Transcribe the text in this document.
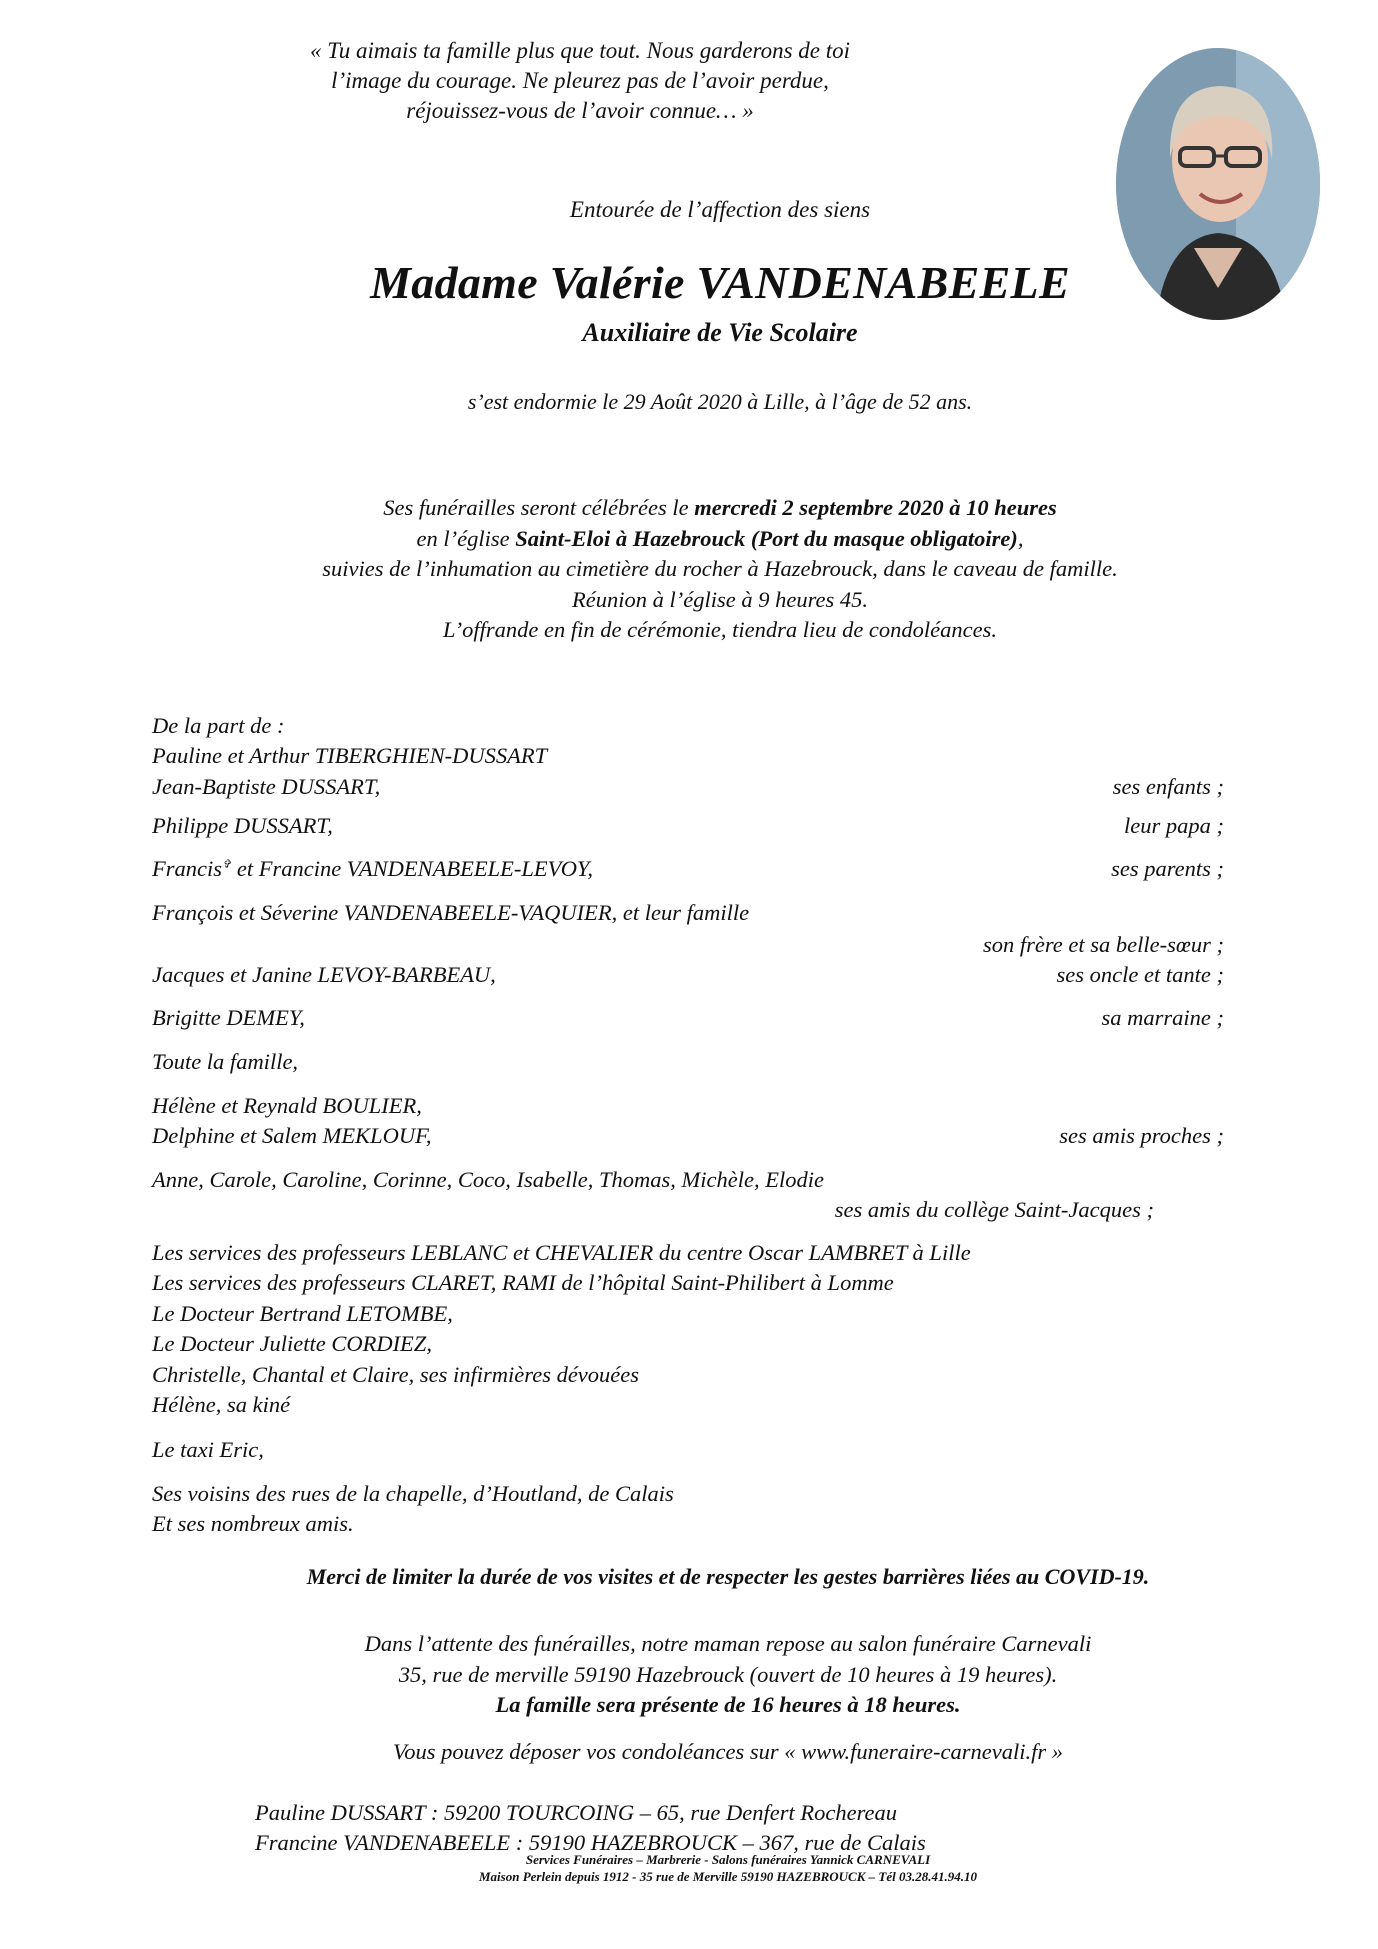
« Tu aimais ta famille plus que tout. Nous garderons de toi
l’image du courage. Ne pleurez pas de l’avoir perdue,
réjouissez-vous de l’avoir connue… »
Entourée de l’affection des siens
Madame Valérie VANDENABEELE
Auxiliaire de Vie Scolaire
s’est endormie le 29 Août 2020 à Lille, à l’âge de 52 ans.
Ses funérailles seront célébrées le mercredi 2 septembre 2020 à 10 heures
en l’église Saint-Eloi à Hazebrouck (Port du masque obligatoire),
suivies de l’inhumation au cimetière du rocher à Hazebrouck, dans le caveau de famille.
Réunion à l’église à 9 heures 45.
L’offrande en fin de cérémonie, tiendra lieu de condoléances.
De la part de :
Pauline et Arthur TIBERGHIEN-DUSSART
Jean-Baptiste DUSSART,	ses enfants ;
Philippe DUSSART,	leur papa ;
Francis✞ et Francine VANDENABEELE-LEVOY,	ses parents ;
François et Séverine VANDENABEELE-VAQUIER, et leur famille
son frère et sa belle-sœur ;
Jacques et Janine LEVOY-BARBEAU,	ses oncle et tante ;
Brigitte DEMEY,	sa marraine ;
Toute la famille,
Hélène et Reynald BOULIER,
Delphine et Salem MEKLOUF,	ses amis proches ;
Anne, Carole, Caroline, Corinne, Coco, Isabelle, Thomas, Michèle, Elodie
ses amis du collège Saint-Jacques ;
Les services des professeurs LEBLANC et CHEVALIER du centre Oscar LAMBRET à Lille
Les services des professeurs CLARET, RAMI de l’hôpital Saint-Philibert à Lomme
Le Docteur Bertrand LETOMBE,
Le Docteur Juliette CORDIEZ,
Christelle, Chantal et Claire, ses infirmières dévouées
Hélène, sa kiné
Le taxi Eric,
Ses voisins des rues de la chapelle, d’Houtland, de Calais
Et ses nombreux amis.
Merci de limiter la durée de vos visites et de respecter les gestes barrières liées au COVID-19.
Dans l’attente des funérailles, notre maman repose au salon funéraire Carnevali
35, rue de merville 59190 Hazebrouck (ouvert de 10 heures à 19 heures).
La famille sera présente de 16 heures à 18 heures.
Vous pouvez déposer vos condoléances sur « www.funeraire-carnevali.fr »
Pauline DUSSART : 59200 TOURCOING – 65, rue Denfert Rochereau
Francine VANDENABEELE : 59190 HAZEBROUCK – 367, rue de Calais
Services Funéraires – Marbrerie - Salons funéraires Yannick CARNEVALI
Maison Perlein depuis 1912 - 35 rue de Merville 59190 HAZEBROUCK – Tél 03.28.41.94.10
